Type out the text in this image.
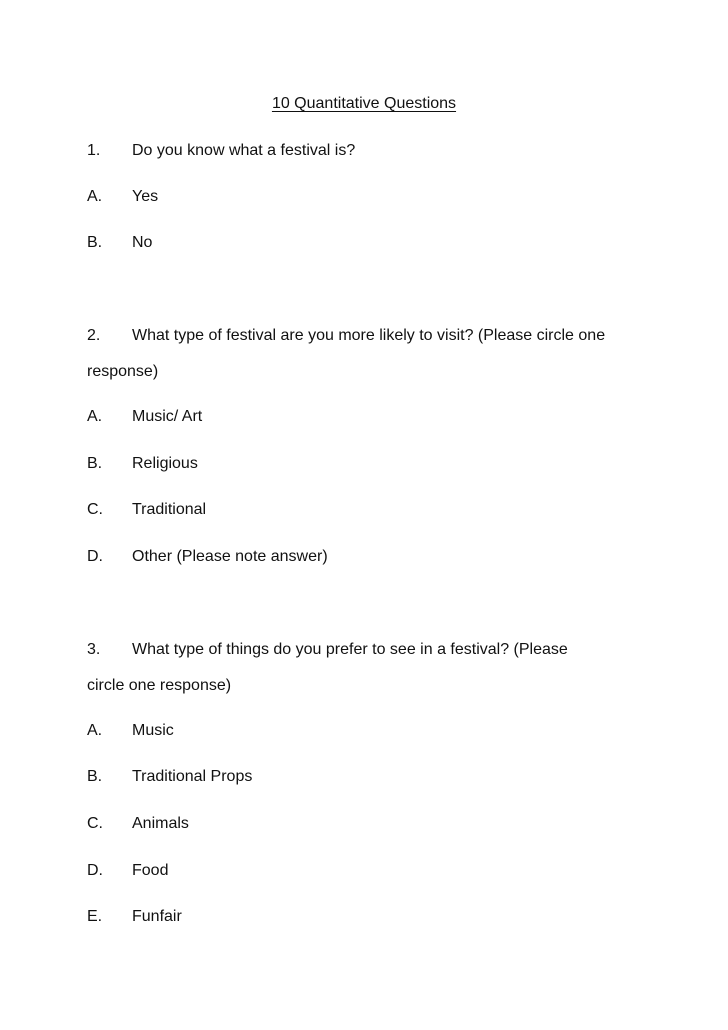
10 Quantitative Questions
1. Do you know what a festival is?
A. Yes
B. No
2. What type of festival are you more likely to visit? (Please circle one
response)
A. Music/ Art
B. Religious
C. Traditional
D. Other (Please note answer)
3. What type of things do you prefer to see in a festival? (Please
circle one response)
A. Music
B. Traditional Props
C. Animals
D. Food
E. Funfair
